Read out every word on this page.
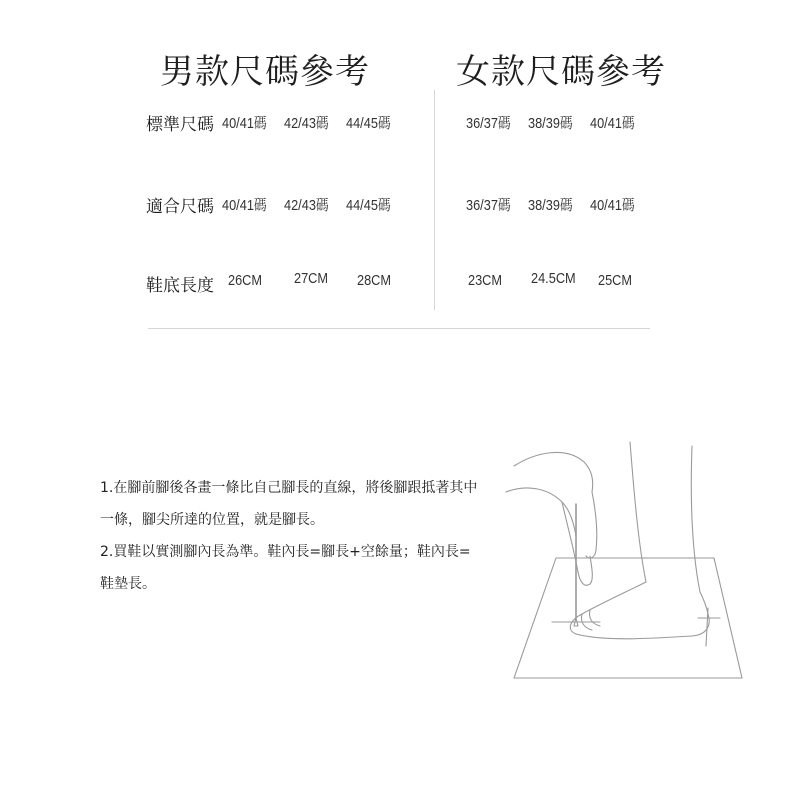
男款尺碼參考	女款尺碼參考
標準尺碼
適合尺碼
鞋底長度
40/41碼 42/43碼 44/45碼
40/41碼 42/43碼 44/45碼
26CM 27CM 28CM
36/37碼 38/39碼 40/41碼
36/37碼 38/39碼 40/41碼
23CM 24.5CM 25CM

1.在腳前腳後各畫一條比自己腳長的直線，將後腳跟抵著其中一條，腳尖所達的位置，就是腳長。

2.買鞋以實測腳內長為準。鞋內長=腳長+空餘量；鞋內長=鞋墊長。
